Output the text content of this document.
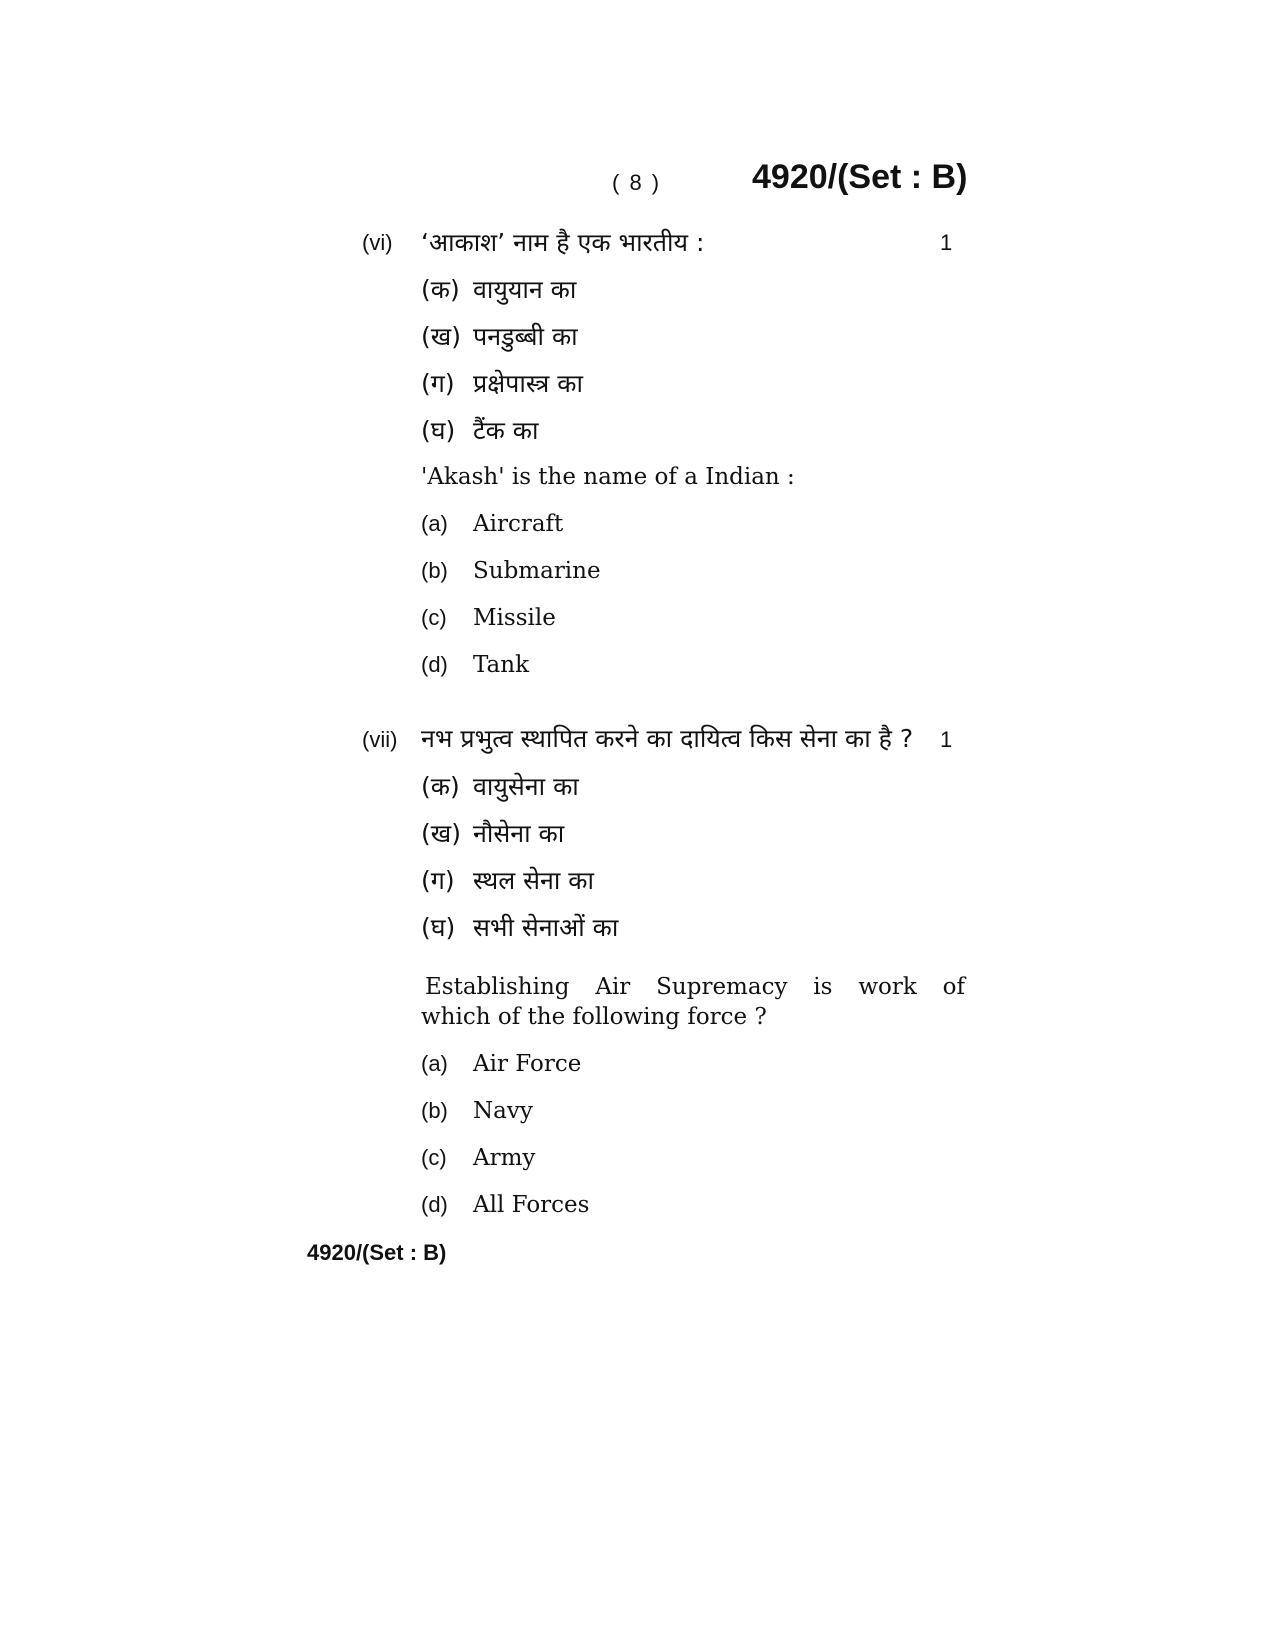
( 8 )	4920/(Set : B)
(vi) ‘आकाश’ नाम है एक भारतीय :	1
(क) वायुयान का
(ख) पनडुब्बी का
(ग) प्रक्षेपास्त्र का
(घ) टैंक का
'Akash' is the name of a Indian :
(a) Aircraft
(b) Submarine
(c) Missile
(d) Tank
(vii) नभ प्रभुत्व स्थापित करने का दायित्व किस सेना का है ? 1
(क) वायुसेना का
(ख) नौसेना का
(ग) स्थल सेना का
(घ) सभी सेनाओं का
Establishing Air Supremacy is work of
which of the following force ?
(a) Air Force
(b) Navy
(c) Army
(d) All Forces
4920/(Set : B)
